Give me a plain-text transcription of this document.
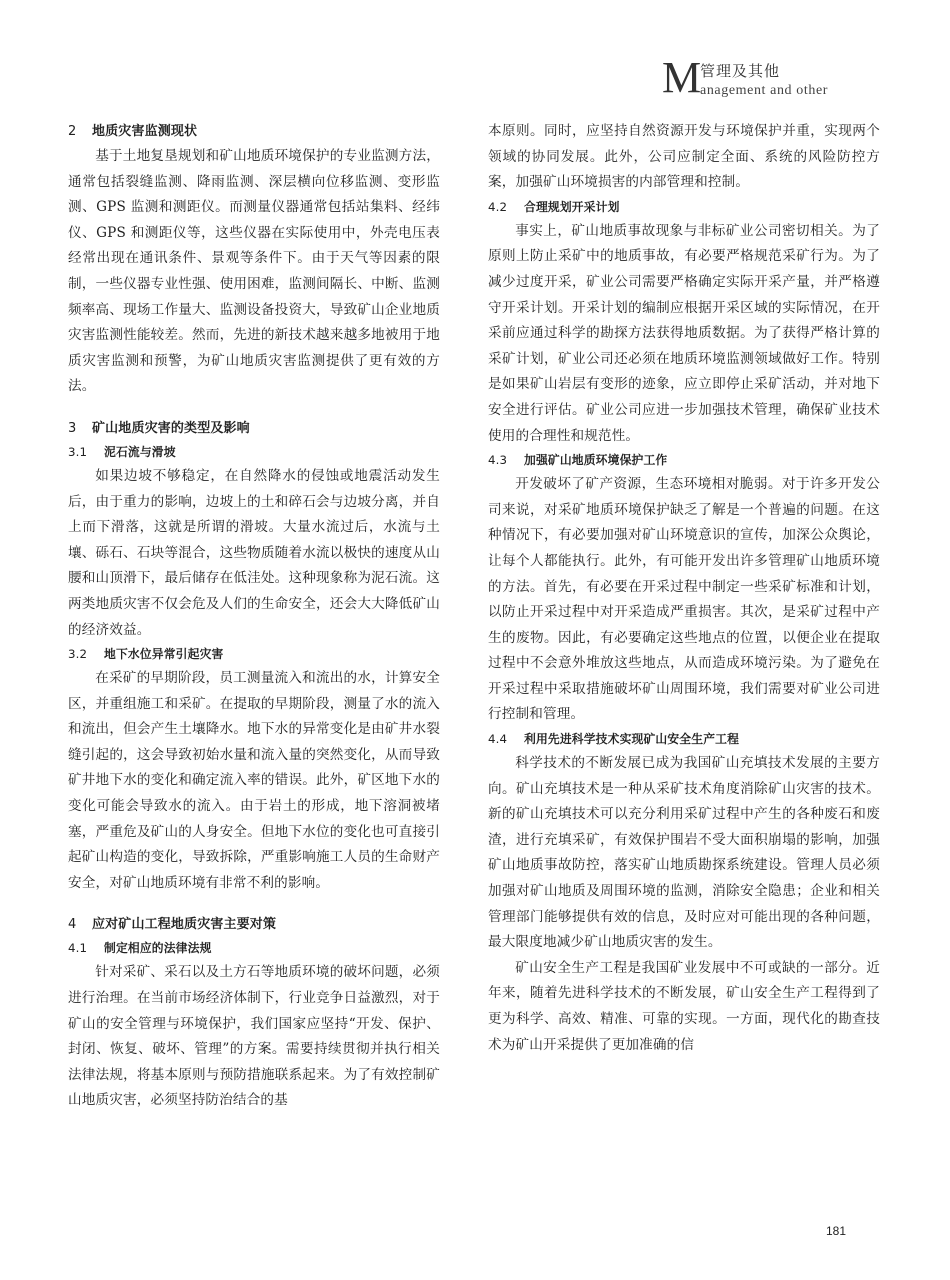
M
管理及其他
anagement and other
2 地质灾害监测现状

基于土地复垦规划和矿山地质环境保护的专业监测方法，通常包括裂缝监测、降雨监测、深层横向位移监测、变形监测、GPS 监测和测距仪。而测量仪器通常包括站集料、经纬仪、GPS 和测距仪等，这些仪器在实际使用中，外壳电压表经常出现在通讯条件、景观等条件下。由于天气等因素的限制，一些仪器专业性强、使用困难，监测间隔长、中断、监测频率高、现场工作量大、监测设备投资大，导致矿山企业地质灾害监测性能较差。然而，先进的新技术越来越多地被用于地质灾害监测和预警，为矿山地质灾害监测提供了更有效的方法。

3 矿山地质灾害的类型及影响
3.1 泥石流与滑坡

如果边坡不够稳定，在自然降水的侵蚀或地震活动发生后，由于重力的影响，边坡上的土和碎石会与边坡分离，并自上而下滑落，这就是所谓的滑坡。大量水流过后，水流与土壤、砾石、石块等混合，这些物质随着水流以极快的速度从山腰和山顶滑下，最后储存在低洼处。这种现象称为泥石流。这两类地质灾害不仅会危及人们的生命安全，还会大大降低矿山的经济效益。

3.2 地下水位异常引起灾害

在采矿的早期阶段，员工测量流入和流出的水，计算安全区，并重组施工和采矿。在提取的早期阶段，测量了水的流入和流出，但会产生土壤降水。地下水的异常变化是由矿井水裂缝引起的，这会导致初始水量和流入量的突然变化，从而导致矿井地下水的变化和确定流入率的错误。此外，矿区地下水的变化可能会导致水的流入。由于岩土的形成，地下溶洞被堵塞，严重危及矿山的人身安全。但地下水位的变化也可直接引起矿山构造的变化，导致拆除，严重影响施工人员的生命财产安全，对矿山地质环境有非常不利的影响。

4 应对矿山工程地质灾害主要对策
4.1 制定相应的法律法规

针对采矿、采石以及土方石等地质环境的破坏问题，必须进行治理。在当前市场经济体制下，行业竞争日益激烈，对于矿山的安全管理与环境保护，我们国家应坚持“开发、保护、封闭、恢复、破坏、管理”的方案。需要持续贯彻并执行相关法律法规，将基本原则与预防措施联系起来。为了有效控制矿山地质灾害，必须坚持防治结合的基

本原则。同时，应坚持自然资源开发与环境保护并重，实现两个领域的协同发展。此外，公司应制定全面、系统的风险防控方案，加强矿山环境损害的内部管理和控制。

4.2 合理规划开采计划

事实上，矿山地质事故现象与非标矿业公司密切相关。为了原则上防止采矿中的地质事故，有必要严格规范采矿行为。为了减少过度开采，矿业公司需要严格确定实际开采产量，并严格遵守开采计划。开采计划的编制应根据开采区域的实际情况，在开采前应通过科学的勘探方法获得地质数据。为了获得严格计算的采矿计划，矿业公司还必须在地质环境监测领域做好工作。特别是如果矿山岩层有变形的迹象，应立即停止采矿活动，并对地下安全进行评估。矿业公司应进一步加强技术管理，确保矿业技术使用的合理性和规范性。

4.3 加强矿山地质环境保护工作

开发破坏了矿产资源，生态环境相对脆弱。对于许多开发公司来说，对采矿地质环境保护缺乏了解是一个普遍的问题。在这种情况下，有必要加强对矿山环境意识的宣传，加深公众舆论，让每个人都能执行。此外，有可能开发出许多管理矿山地质环境的方法。首先，有必要在开采过程中制定一些采矿标准和计划，以防止开采过程中对开采造成严重损害。其次，是采矿过程中产生的废物。因此，有必要确定这些地点的位置，以便企业在提取过程中不会意外堆放这些地点，从而造成环境污染。为了避免在开采过程中采取措施破坏矿山周围环境，我们需要对矿业公司进行控制和管理。

4.4 利用先进科学技术实现矿山安全生产工程

科学技术的不断发展已成为我国矿山充填技术发展的主要方向。矿山充填技术是一种从采矿技术角度消除矿山灾害的技术。新的矿山充填技术可以充分利用采矿过程中产生的各种废石和废渣，进行充填采矿，有效保护围岩不受大面积崩塌的影响，加强矿山地质事故防控，落实矿山地质勘探系统建设。管理人员必须加强对矿山地质及周围环境的监测，消除安全隐患；企业和相关管理部门能够提供有效的信息，及时应对可能出现的各种问题，最大限度地减少矿山地质灾害的发生。

矿山安全生产工程是我国矿业发展中不可或缺的一部分。近年来，随着先进科学技术的不断发展，矿山安全生产工程得到了更为科学、高效、精准、可靠的实现。一方面，现代化的勘查技术为矿山开采提供了更加准确的信

181
